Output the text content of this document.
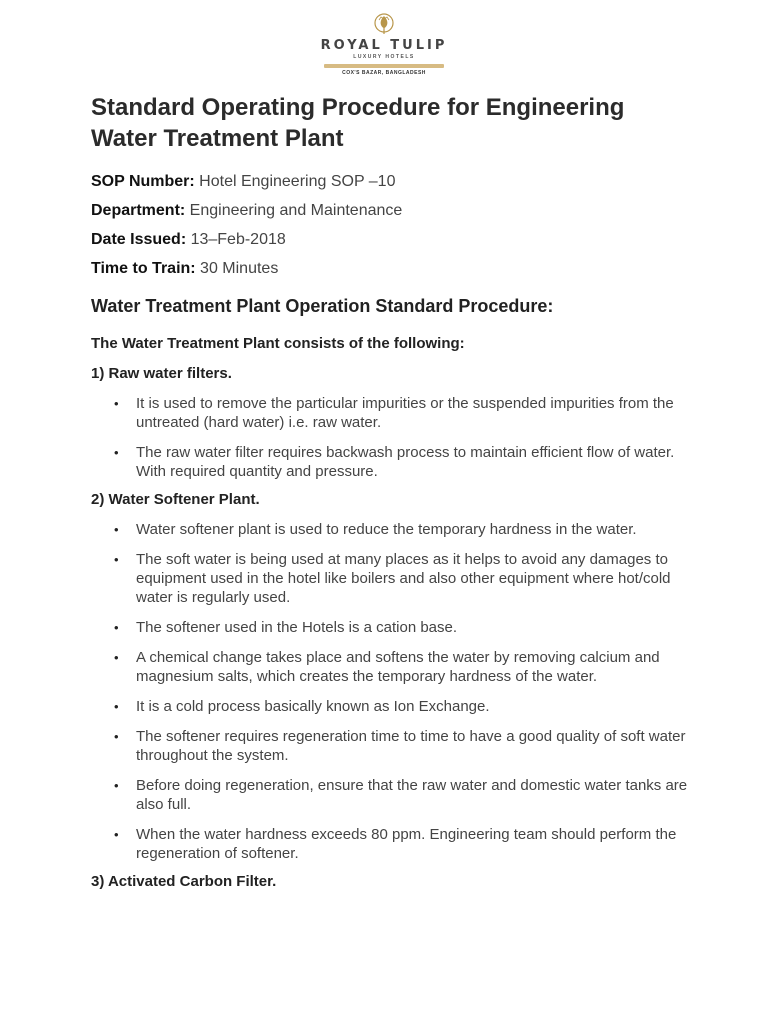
ROYAL TULIP
LUXURY HOTELS
COX'S BAZAR, BANGLADESH
Standard Operating Procedure for Engineering Water Treatment Plant
SOP Number: Hotel Engineering SOP –10
Department: Engineering and Maintenance
Date Issued: 13–Feb-2018
Time to Train: 30 Minutes
Water Treatment Plant Operation Standard Procedure:
The Water Treatment Plant consists of the following:
1) Raw water filters.
• It is used to remove the particular impurities or the suspended impurities from the untreated (hard water) i.e. raw water.
• The raw water filter requires backwash process to maintain efficient flow of water. With required quantity and pressure.
2) Water Softener Plant.
• Water softener plant is used to reduce the temporary hardness in the water.
• The soft water is being used at many places as it helps to avoid any damages to equipment used in the hotel like boilers and also other equipment where hot/cold water is regularly used.
• The softener used in the Hotels is a cation base.
• A chemical change takes place and softens the water by removing calcium and magnesium salts, which creates the temporary hardness of the water.
• It is a cold process basically known as Ion Exchange.
• The softener requires regeneration time to time to have a good quality of soft water throughout the system.
• Before doing regeneration, ensure that the raw water and domestic water tanks are also full.
• When the water hardness exceeds 80 ppm. Engineering team should perform the regeneration of softener.
3) Activated Carbon Filter.
